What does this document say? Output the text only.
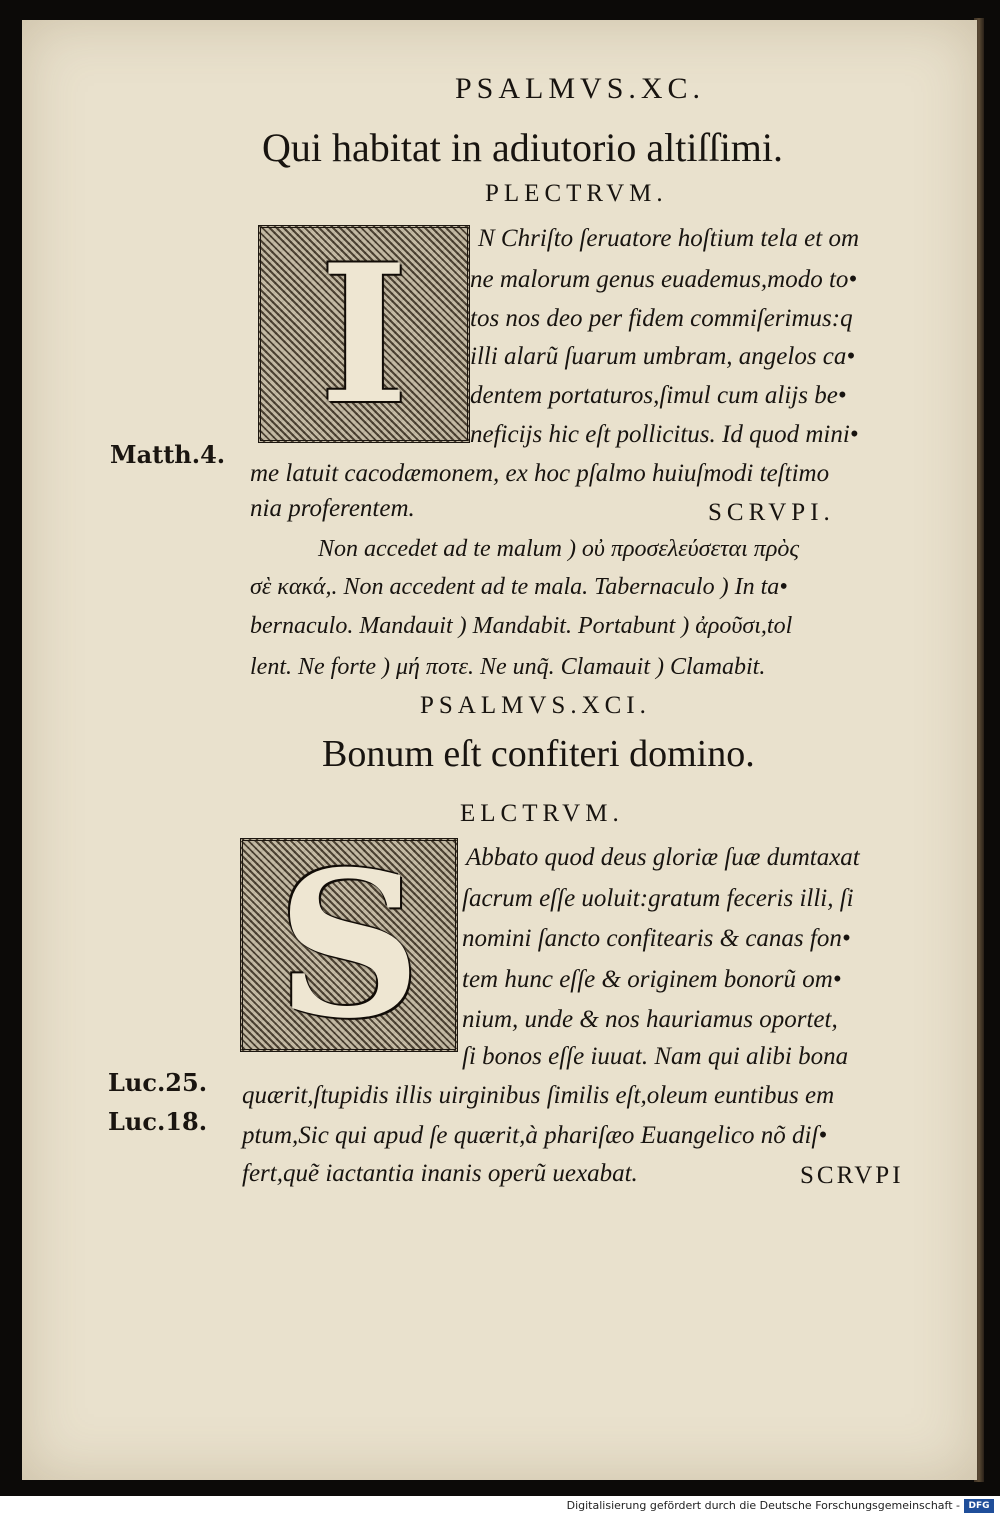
PSALMVS.XC.
Qui habitat in adiutorio altiſſimi.
PLECTRVM.
I	N Chriſto ſeruatore hoſtium tela et om
ne malorum genus euademus,modo to•
tos nos deo per fidem commiſerimus:q
illi alarũ ſuarum umbram, angelos ca•
dentem portaturos,ſimul cum alijs be•
neficijs hic eſt pollicitus. Id quod mini•
me latuit cacodæmonem, ex hoc pſalmo huiuſmodi teſtimo
nia proferentem.	SCRVPI.
Matth.4.
Non accedet ad te malum ) οὐ προσελεύσεται πρὸς
σὲ κακά,. Non accedent ad te mala. Tabernaculo ) In ta•
bernaculo. Mandauit ) Mandabit. Portabunt ) ἀροῦσι,tol
lent. Ne forte ) μή ποτε. Ne unq̃. Clamauit ) Clamabit.
PSALMVS.XCI.
Bonum eſt confiteri domino.
ELCTRVM.
S	Abbato quod deus gloriæ ſuæ dumtaxat
ſacrum eſſe uoluit:gratum feceris illi, ſi
nomini ſancto confitearis & canas fon•
tem hunc eſſe & originem bonorũ om•
nium, unde & nos hauriamus oportet,
ſi bonos eſſe iuuat. Nam qui alibi bona
quærit,ſtupidis illis uirginibus ſimilis eſt,oleum euntibus em
ptum,Sic qui apud ſe quærit,à phariſæo Euangelico nõ diſ•
fert,quẽ iactantia inanis operũ uexabat.	SCRVPI
Luc.25.
Luc.18.
Digitalisierung gefördert durch die Deutsche Forschungsgemeinschaft - DFG
